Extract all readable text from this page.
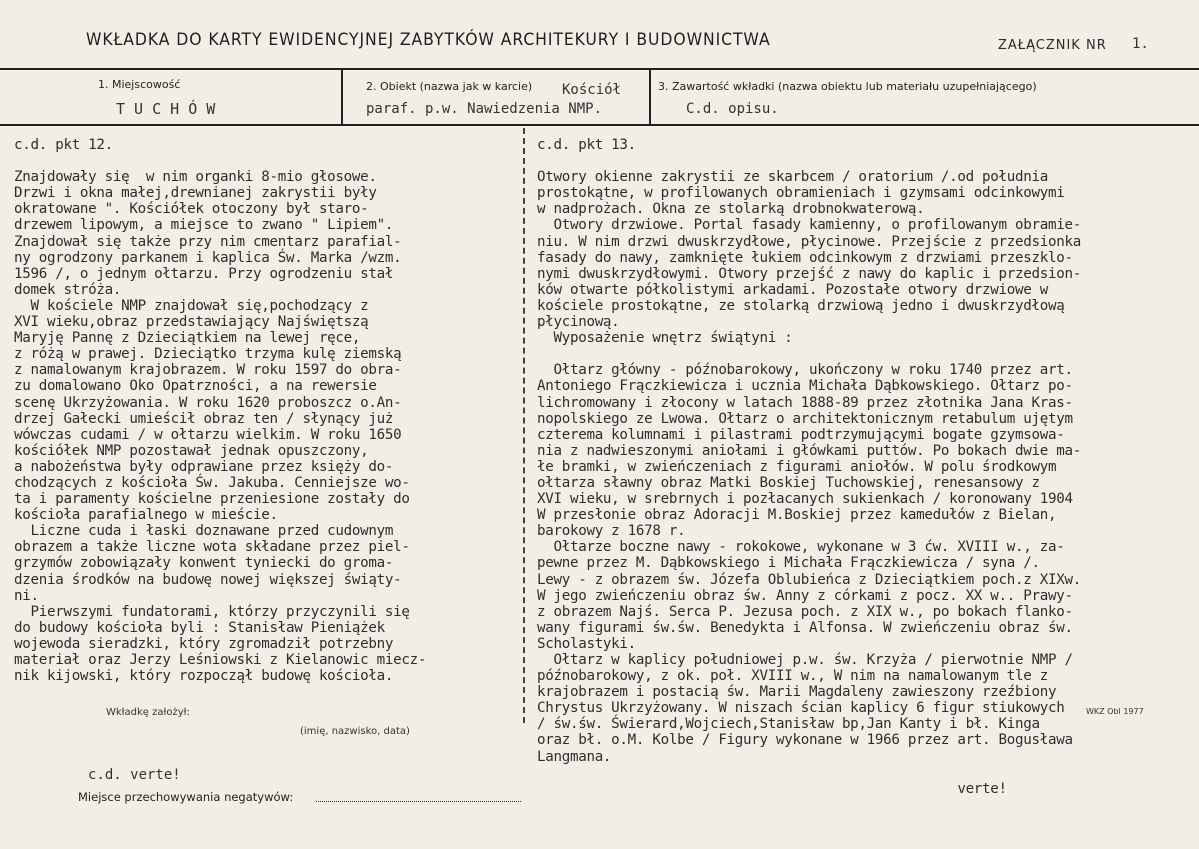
WKŁADKA DO KARTY EWIDENCYJNEJ ZABYTKÓW ARCHITEKURY I BUDOWNICTWA	ZAŁĄCZNIK NR 1.
1. Miejscowość
T U C H Ó W
2. Obiekt (nazwa jak w karcie) Kościół
paraf. p.w. Nawiedzenia NMP.
3. Zawartość wkładki (nazwa obiektu lub materiału uzupełniającego)
C.d. opisu.
c.d. pkt 12.
Znajdowały się  w nim organki 8-mio głosowe.
Drzwi i okna małej,drewnianej zakrystii były
okratowane ". Kościółek otoczony był staro-
drzewem lipowym, a miejsce to zwano " Lipiem".
Znajdował się także przy nim cmentarz parafial-
ny ogrodzony parkanem i kaplica Św. Marka /wzm.
1596 /, o jednym ołtarzu. Przy ogrodzeniu stał
domek stróża.
W kościele NMP znajdował się,pochodzący z
XVI wieku,obraz przedstawiający Najświętszą
Maryję Pannę z Dzieciątkiem na lewej ręce,
z różą w prawej. Dzieciątko trzyma kulę ziemską
z namalowanym krajobrazem. W roku 1597 do obra-
zu domalowano Oko Opatrzności, a na rewersie
scenę Ukrzyżowania. W roku 1620 proboszcz o.An-
drzej Gałecki umieścił obraz ten / słynący już
wówczas cudami / w ołtarzu wielkim. W roku 1650
kościółek NMP pozostawał jednak opuszczony,
a nabożeństwa były odprawiane przez księży do-
chodzących z kościoła Św. Jakuba. Cenniejsze wo-
ta i paramenty kościelne przeniesione zostały do
kościoła parafialnego w mieście.
Liczne cuda i łaski doznawane przed cudownym
obrazem a także liczne wota składane przez piel-
grzymów zobowiązały konwent tyniecki do groma-
dzenia środków na budowę nowej większej świąty-
ni.
Pierwszymi fundatorami, którzy przyczynili się
do budowy kościoła byli : Stanisław Pieniążek
wojewoda sieradzki, który zgromadził potrzebny
materiał oraz Jerzy Leśniowski z Kielanowic miecz-
nik kijowski, który rozpoczął budowę kościoła.
c.d. pkt 13.
Otwory okienne zakrystii ze skarbcem / oratorium /.od południa
prostokątne, w profilowanych obramieniach i gzymsami odcinkowymi
w nadprożach. Okna ze stolarką drobnokwaterową.
Otwory drzwiowe. Portal fasady kamienny, o profilowanym obramie-
niu. W nim drzwi dwuskrzydłowe, płycinowe. Przejście z przedsionka
fasady do nawy, zamknięte łukiem odcinkowym z drzwiami przeszklo-
nymi dwuskrzydłowymi. Otwory przejść z nawy do kaplic i przedsion-
ków otwarte półkolistymi arkadami. Pozostałe otwory drzwiowe w
kościele prostokątne, ze stolarką drzwiową jedno i dwuskrzydłową
płycinową.
Wyposażenie wnętrz świątyni :
Ołtarz główny - późnobarokowy, ukończony w roku 1740 przez art.
Antoniego Frączkiewicza i ucznia Michała Dąbkowskiego. Ołtarz po-
lichromowany i złocony w latach 1888-89 przez złotnika Jana Kras-
nopolskiego ze Lwowa. Ołtarz o architektonicznym retabulum ujętym
czterema kolumnami i pilastrami podtrzymującymi bogate gzymsowa-
nia z nadwieszonymi aniołami i główkami puttów. Po bokach dwie ma-
łe bramki, w zwieńczeniach z figurami aniołów. W polu środkowym
ołtarza sławny obraz Matki Boskiej Tuchowskiej, renesansowy z
XVI wieku, w srebrnych i pozłacanych sukienkach / koronowany 1904
W przesłonie obraz Adoracji M.Boskiej przez kamedułów z Bielan,
barokowy z 1678 r.
Ołtarze boczne nawy - rokokowe, wykonane w 3 ćw. XVIII w., za-
pewne przez M. Dąbkowskiego i Michała Frączkiewicza / syna /.
Lewy - z obrazem św. Józefa Oblubieńca z Dzieciątkiem poch.z XIXw.
W jego zwieńczeniu obraz św. Anny z córkami z pocz. XX w.. Prawy-
z obrazem Najś. Serca P. Jezusa poch. z XIX w., po bokach flanko-
wany figurami św.św. Benedykta i Alfonsa. W zwieńczeniu obraz św.
Scholastyki.
Ołtarz w kaplicy południowej p.w. św. Krzyża / pierwotnie NMP /
późnobarokowy, z ok. poł. XVIII w., W nim na namalowanym tle z
krajobrazem i postacią św. Marii Magdaleny zawieszony rzeźbiony
Chrystus Ukrzyżowany. W niszach ścian kaplicy 6 figur stiukowych
/ św.św. Świerard,Wojciech,Stanisław bp,Jan Kanty i bł. Kinga
oraz bł. o.M. Kolbe / Figury wykonane w 1966 przez art. Bogusława
Langmana.
verte!
Wkładkę założył:
(imię, nazwisko, data)
c.d. verte!
Miejsce przechowywania negatywów:
WKZ Obl 1977
